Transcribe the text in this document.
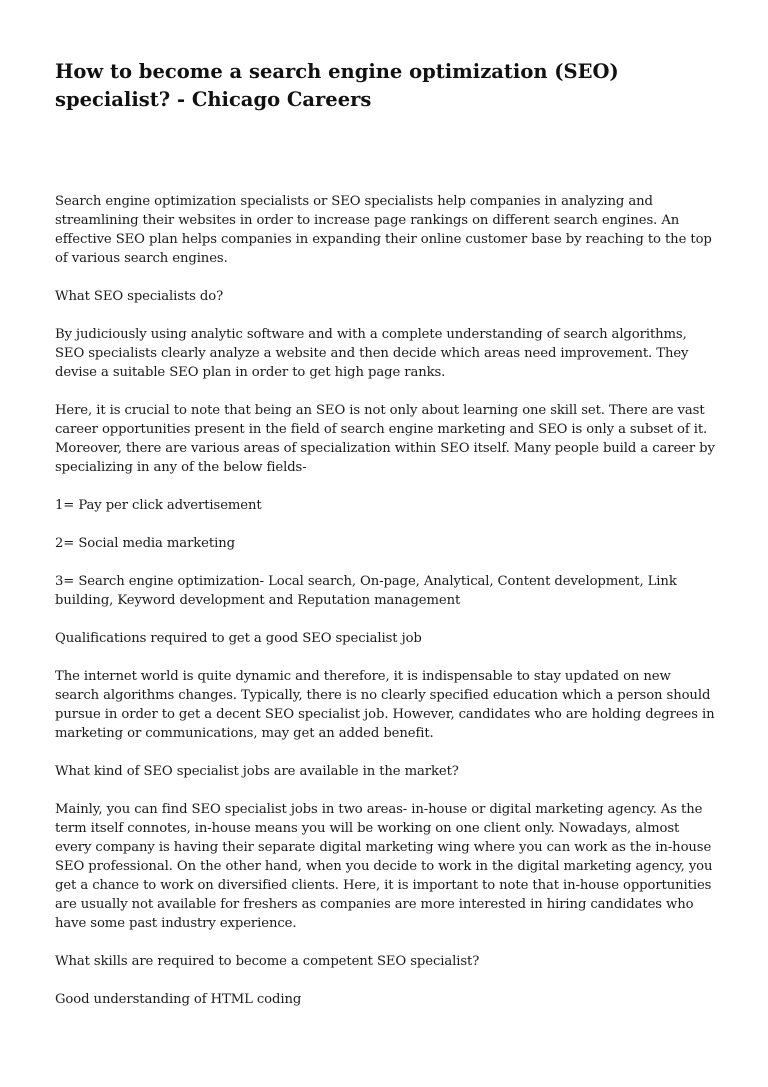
How to become a search engine optimization (SEO) specialist? - Chicago Careers

Search engine optimization specialists or SEO specialists help companies in analyzing and streamlining their websites in order to increase page rankings on different search engines. An effective SEO plan helps companies in expanding their online customer base by reaching to the top of various search engines.

What SEO specialists do?

By judiciously using analytic software and with a complete understanding of search algorithms, SEO specialists clearly analyze a website and then decide which areas need improvement. They devise a suitable SEO plan in order to get high page ranks.

Here, it is crucial to note that being an SEO is not only about learning one skill set. There are vast career opportunities present in the field of search engine marketing and SEO is only a subset of it. Moreover, there are various areas of specialization within SEO itself. Many people build a career by specializing in any of the below fields-

1= Pay per click advertisement

2= Social media marketing

3= Search engine optimization- Local search, On-page, Analytical, Content development, Link building, Keyword development and Reputation management

Qualifications required to get a good SEO specialist job

The internet world is quite dynamic and therefore, it is indispensable to stay updated on new search algorithms changes. Typically, there is no clearly specified education which a person should pursue in order to get a decent SEO specialist job. However, candidates who are holding degrees in marketing or communications, may get an added benefit.

What kind of SEO specialist jobs are available in the market?

Mainly, you can find SEO specialist jobs in two areas- in-house or digital marketing agency. As the term itself connotes, in-house means you will be working on one client only. Nowadays, almost every company is having their separate digital marketing wing where you can work as the in-house SEO professional. On the other hand, when you decide to work in the digital marketing agency, you get a chance to work on diversified clients. Here, it is important to note that in-house opportunities are usually not available for freshers as companies are more interested in hiring candidates who have some past industry experience.

What skills are required to become a competent SEO specialist?

Good understanding of HTML coding
